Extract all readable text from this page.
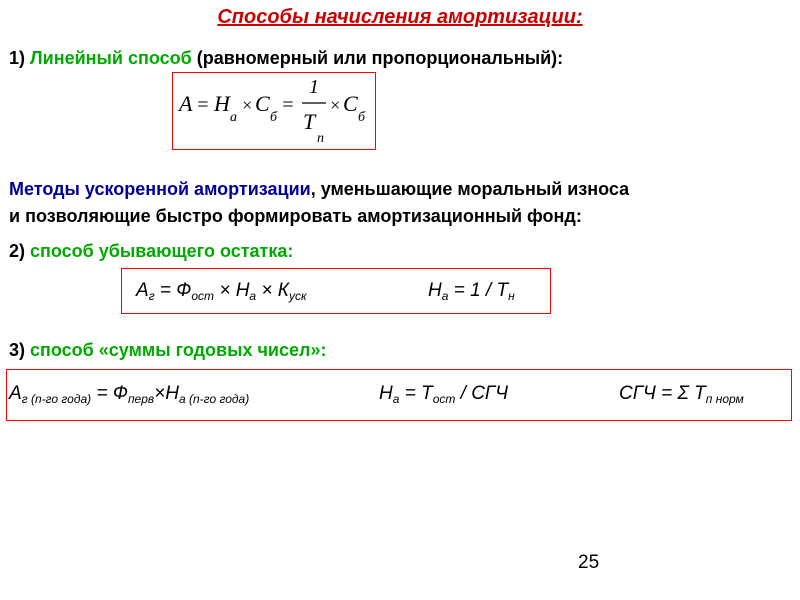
Способы начисления амортизации:
1) Линейный способ (равномерный или пропорциональный):
А = Н
а
× С
б
=
1
Т
п
× С
б
Методы ускоренной амортизации, уменьшающие моральный износа
и позволяющие быстро формировать амортизационный фонд:
2) способ убывающего остатка:
$А_г = Ф_{ост} \times Н_а \times К_{уск}$	$Н_а = 1 / Т_н$
3) способ «суммы годовых чисел»:
$А_г$ $_{(n-го года)} = Ф_{перв}\times Н_а$ $_{(n-го года)}$	$Н_а = Т_{ост}$ / СГЧ	СГЧ = Σ $Т_{п норм}$
25
